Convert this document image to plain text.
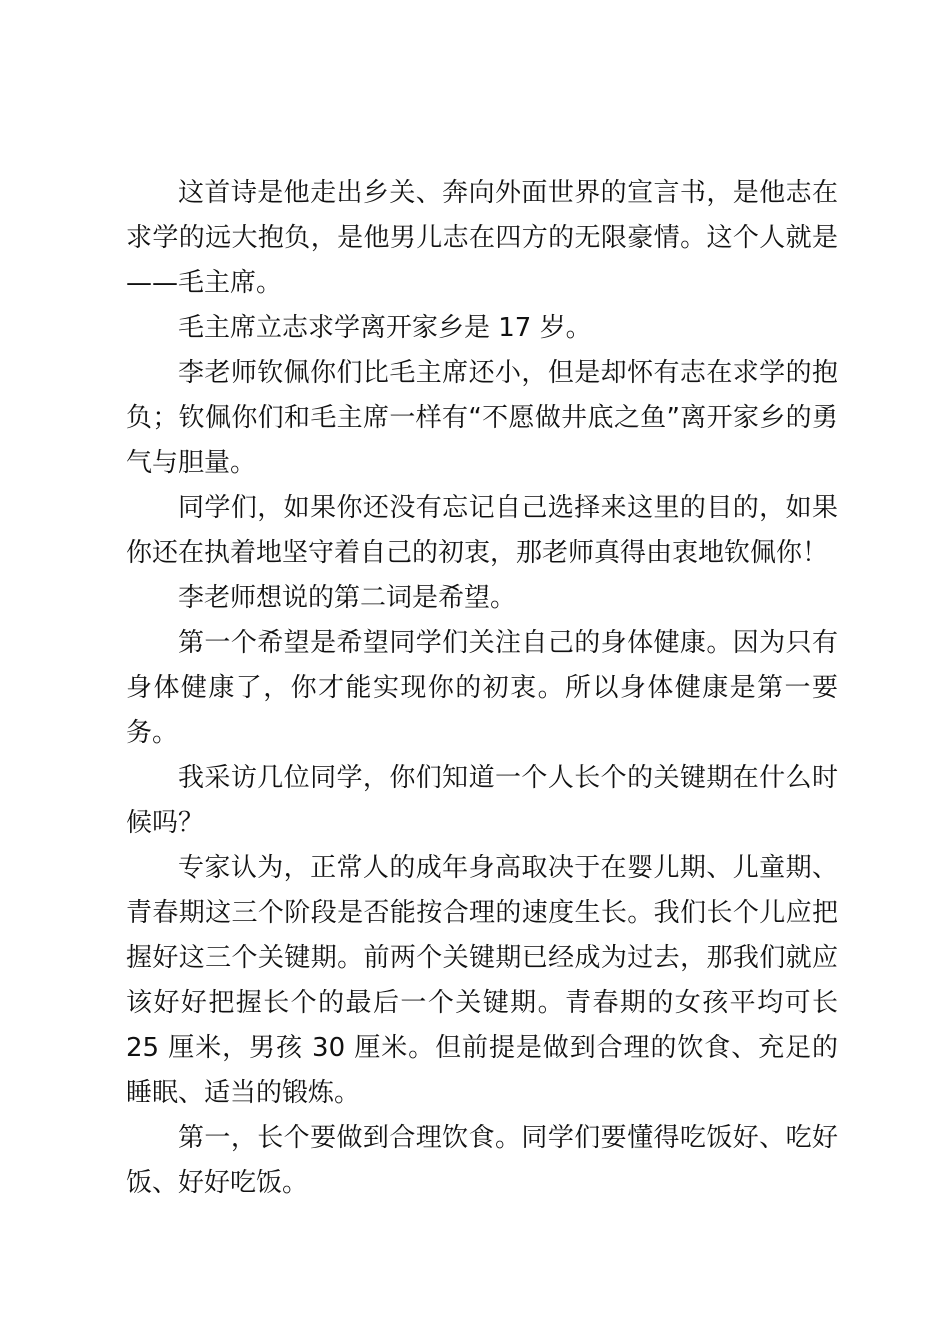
这首诗是他走出乡关、奔向外面世界的宣言书，是他志在求学的远大抱负，是他男儿志在四方的无限豪情。这个人就是——毛主席。

毛主席立志求学离开家乡是 17 岁。

李老师钦佩你们比毛主席还小，但是却怀有志在求学的抱负；钦佩你们和毛主席一样有“不愿做井底之鱼”离开家乡的勇气与胆量。

同学们，如果你还没有忘记自己选择来这里的目的，如果你还在执着地坚守着自己的初衷，那老师真得由衷地钦佩你！

李老师想说的第二词是希望。

第一个希望是希望同学们关注自己的身体健康。因为只有身体健康了，你才能实现你的初衷。所以身体健康是第一要务。

我采访几位同学，你们知道一个人长个的关键期在什么时候吗？

专家认为，正常人的成年身高取决于在婴儿期、儿童期、青春期这三个阶段是否能按合理的速度生长。我们长个儿应把握好这三个关键期。前两个关键期已经成为过去，那我们就应该好好把握长个的最后一个关键期。青春期的女孩平均可长 25 厘米，男孩 30 厘米。但前提是做到合理的饮食、充足的睡眠、适当的锻炼。

第一，长个要做到合理饮食。同学们要懂得吃饭好、吃好饭、好好吃饭。
